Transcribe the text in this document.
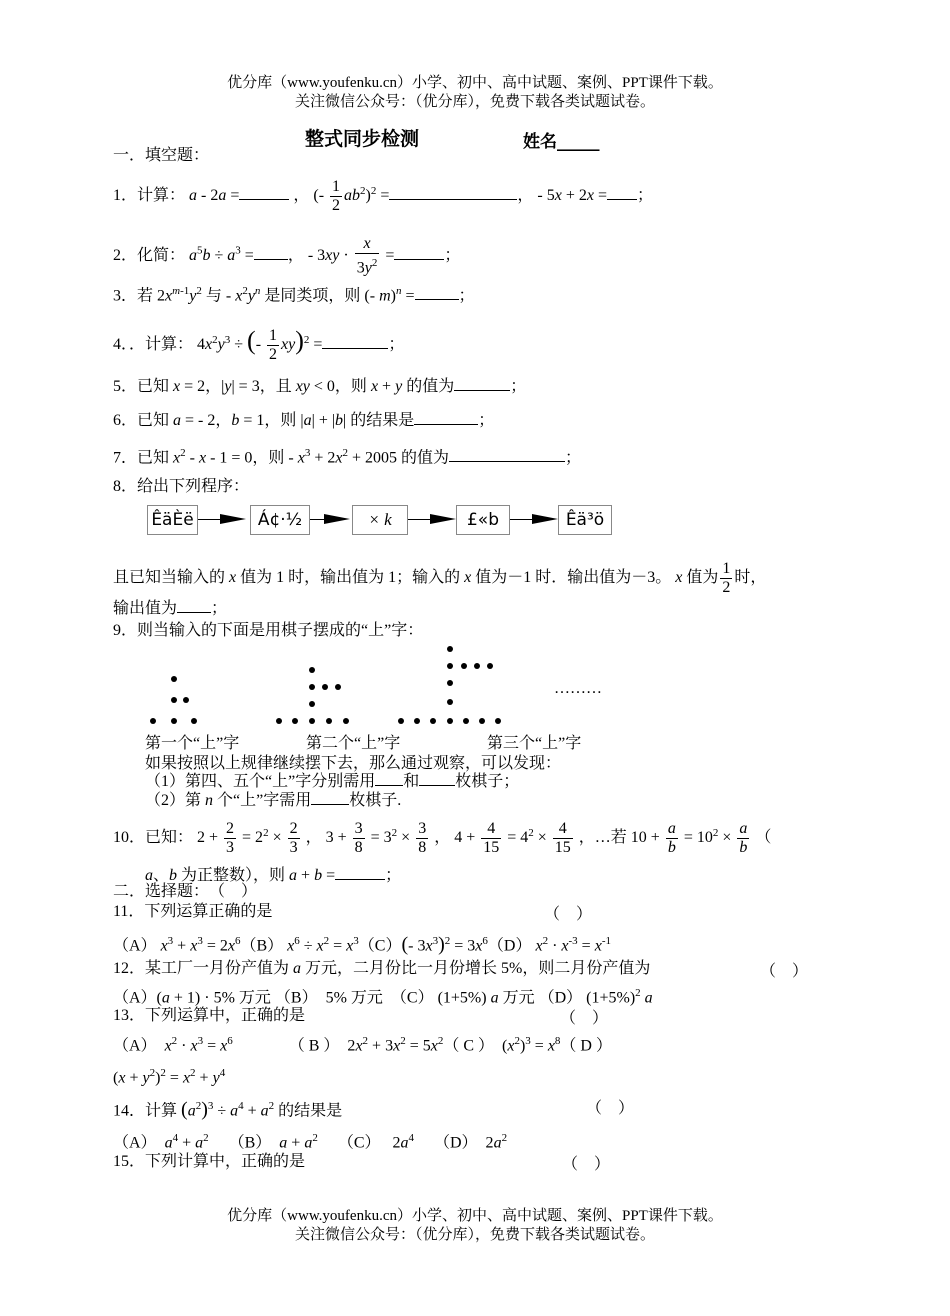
优分库（www.youfenku.cn）小学、初中、高中试题、案例、PPT课件下载。
关注微信公众号：（优分库），免费下载各类试题试卷。
整式同步检测	姓名_____
一．填空题：
1．计算： a - 2a =	， (- $\frac{1}{2} ab^2)^2$ =	， - 5x + 2x = ；
2．化简： $a^5b \div a^3$ = ， - $3xy \cdot \frac{x}{3y^2}$ =	；
3．若 $2x^{m-1}y^2$ 与 - $x^2y^n$ 是同类项，则 (- m)$^n$ =	；
4．．计算： $4x^2y^3$ ÷ (- $\frac{1}{2} xy)^2$ =	；
5．已知 x = 2，|y| = 3，且 xy < 0，则 x + y 的值为	；
6．已知 a = - 2，b = 1，则 |a| + |b| 的结果是	；
7．已知 $x^2 - x - 1 = 0$，则 - $x^3 + 2x^2 + 2005$ 的值为	；
8．给出下列程序：
ÊäÈë	Á¢·½	× k	£«b	Êä³ö
且已知当输入的 x 值为 1 时，输出值为 1；输入的 x 值为－1 时．输出值为－3。 x 值为 $\frac{1}{2}$ 时，
输出值为 ；
9．则当输入的下面是用棋子摆成的“上”字：
………
第一个“上”字	第二个“上”字	第三个“上”字
如果按照以上规律继续摆下去，那么通过观察，可以发现：
（1）第四、五个“上”字分别需用 和 枚棋子；
（2）第 n 个“上”字需用 枚棋子.
10．已知： $2 + \frac{2}{3} = 2^2 \times \frac{2}{3}$ ， $3 + \frac{3}{8} = 3^2 \times \frac{3}{8}$ ， $4 + \frac{4}{15} = 4^2 \times \frac{4}{15}$ ，…若 $10 + \frac{a}{b} = 10^2 \times \frac{a}{b}$ （
a、b 为正整数），则 a + b =	；
二．选择题：　（　）
11．下列运算正确的是	（　）
（A） $x^3 + x^3 = 2x^6(B) x^6 \div x^2 = x^3(C)(-$ $3x^3)^2 = 3x^6(D) x^2 \cdot x^{-3} = x^{-1}$
12．某工厂一月份产值为 a 万元，二月份比一月份增长 5%，则二月份产值为	（　）
（A）(a + 1) · 5% 万元 （B）　5% 万元　（C） (1+5%) a 万元 （D） $(1+5\%)^2$ a
13．下列运算中，正确的是	（　）
（A）　$x^2 \cdot x^3 = x^6$　　　　（ B ）　$2x^2 + 3x^2 = 5x^2$（ C ）　$(x^2)^3 = x^8$（ D ）
$(x + y^2)^2 = x^2 + y^4$
14．计算 $(a^2)^3 \div a^4 + a^2$ 的结果是	（　）
（A）　$a^4 + a^2$　 （B）　$a + a^2$　 （C）　 $2a^4$　 （D）　$2a^2$
15．下列计算中，正确的是	（　）
优分库（www.youfenku.cn）小学、初中、高中试题、案例、PPT课件下载。
关注微信公众号：（优分库），免费下载各类试题试卷。
